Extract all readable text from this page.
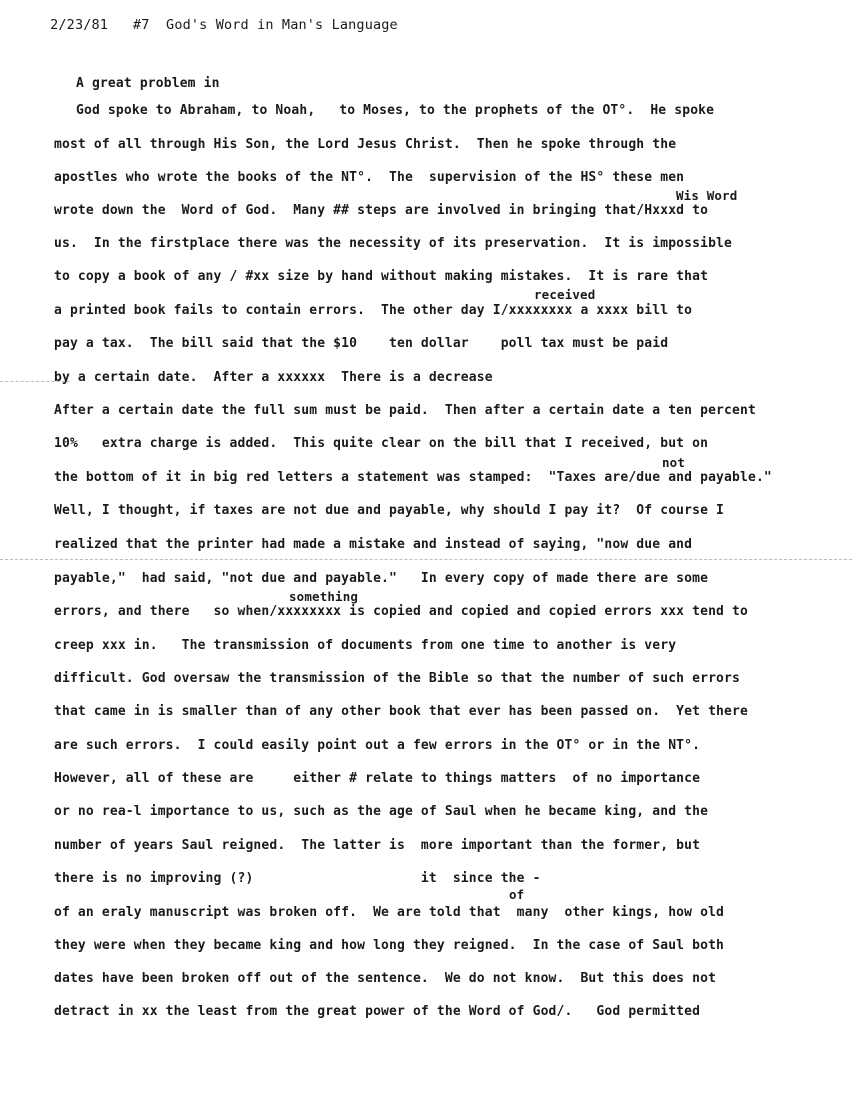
2/23/81 #7 God's Word in Man's Language

A great problem in
God spoke to Abraham, to Noah,   to Moses, to the prophets of the OT°.  He spoke
most of all through His Son, the Lord Jesus Christ.  Then he spoke through the
apostles who wrote the books of the NT°.  The  supervision of the HS° these men
Wis Word
wrote down the  Word of God.  Many ## steps are involved in bringing that/Hxxxd to
us.  In the firstplace there was the necessity of its preservation.  It is impossible
to copy a book of any / #xx size by hand without making mistakes.  It is rare that
received
a printed book fails to contain errors.  The other day I/xxxxxxxx a xxxx bill to
pay a tax.  The bill said that the $10    ten dollar    poll tax must be paid
by a certain date.  After a xxxxxx  There is a decrease
After a certain date the full sum must be paid.  Then after a certain date a ten percent
10%   extra charge is added.  This quite clear on the bill that I received, but on
not
the bottom of it in big red letters a statement was stamped:  "Taxes are/due and payable."
Well, I thought, if taxes are not due and payable, why should I pay it?  Of course I
realized that the printer had made a mistake and instead of saying, "now due and
payable,"  had said, "not due and payable."   In every copy of made there are some
something
errors, and there   so when/xxxxxxxx is copied and copied and copied errors xxx tend to
creep xxx in.   The transmission of documents from one time to another is very
difficult. God oversaw the transmission of the Bible so that the number of such errors
that came in is smaller than of any other book that ever has been passed on.  Yet there
are such errors.  I could easily point out a few errors in the OT° or in the NT°.
However, all of these are     either # relate to things matters  of no importance
or no rea-l importance to us, such as the age of Saul when he became king, and the
number of years Saul reigned.  The latter is  more important than the former, but
there is no improving (?)                     it  since the -
of
of an eraly manuscript was broken off.  We are told that  many  other kings, how old
they were when they became king and how long they reigned.  In the case of Saul both
dates have been broken off out of the sentence.  We do not know.  But this does not
detract in xx the least from the great power of the Word of God/.   God permitted
